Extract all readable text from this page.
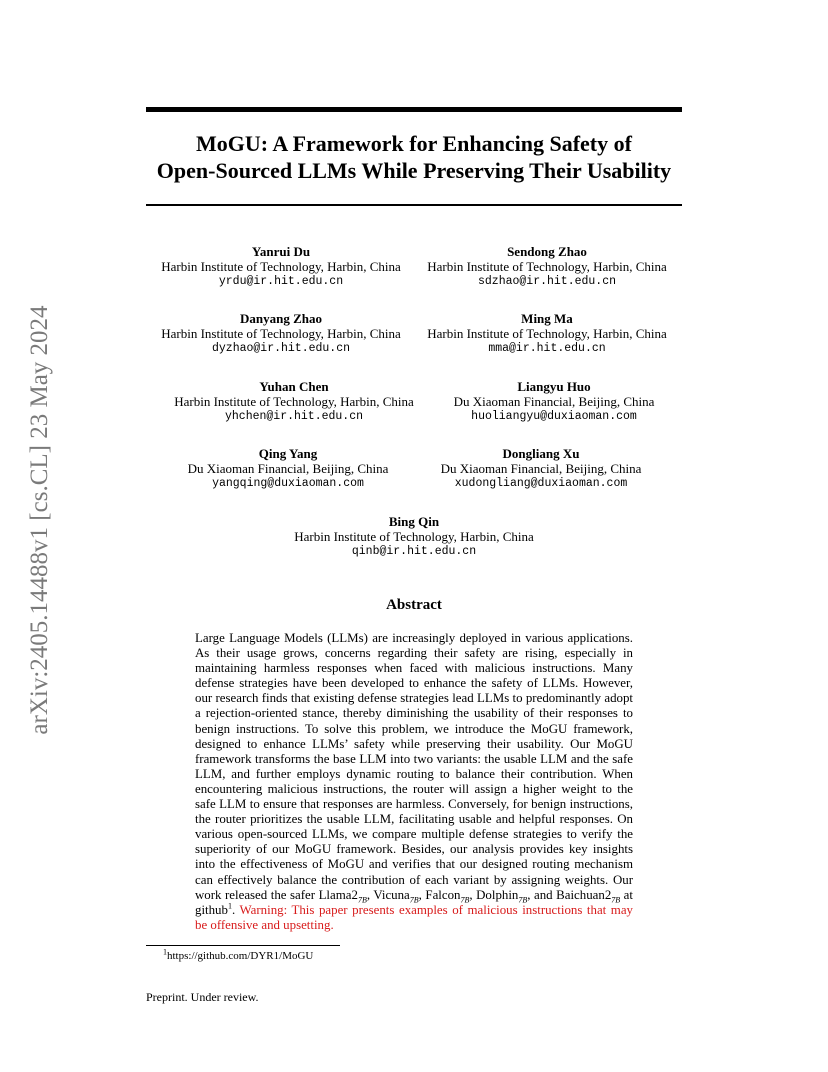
arXiv:2405.14488v1 [cs.CL] 23 May 2024
MoGU: A Framework for Enhancing Safety of
Open-Sourced LLMs While Preserving Their Usability
Yanrui Du
Harbin Institute of Technology, Harbin, China
yrdu@ir.hit.edu.cn
Sendong Zhao
Harbin Institute of Technology, Harbin, China
sdzhao@ir.hit.edu.cn
Danyang Zhao
Harbin Institute of Technology, Harbin, China
dyzhao@ir.hit.edu.cn
Ming Ma
Harbin Institute of Technology, Harbin, China
mma@ir.hit.edu.cn
Yuhan Chen
Harbin Institute of Technology, Harbin, China
yhchen@ir.hit.edu.cn
Liangyu Huo
Du Xiaoman Financial, Beijing, China
huoliangyu@duxiaoman.com
Qing Yang
Du Xiaoman Financial, Beijing, China
yangqing@duxiaoman.com
Dongliang Xu
Du Xiaoman Financial, Beijing, China
xudongliang@duxiaoman.com
Bing Qin
Harbin Institute of Technology, Harbin, China
qinb@ir.hit.edu.cn
Abstract
Large Language Models (LLMs) are increasingly deployed in various applications. As their usage grows, concerns regarding their safety are rising, especially in maintaining harmless responses when faced with malicious instructions. Many defense strategies have been developed to enhance the safety of LLMs. However, our research finds that existing defense strategies lead LLMs to predominantly adopt a rejection-oriented stance, thereby diminishing the usability of their responses to benign instructions. To solve this problem, we introduce the MoGU framework, designed to enhance LLMs’ safety while preserving their usability. Our MoGU framework transforms the base LLM into two variants: the usable LLM and the safe LLM, and further employs dynamic routing to balance their contribution. When encountering malicious instructions, the router will assign a higher weight to the safe LLM to ensure that responses are harmless. Conversely, for benign instructions, the router prioritizes the usable LLM, facilitating usable and helpful responses. On various open-sourced LLMs, we compare multiple defense strategies to verify the superiority of our MoGU framework. Besides, our analysis provides key insights into the effectiveness of MoGU and verifies that our designed routing mechanism can effectively balance the contribution of each variant by assigning weights. Our work released the safer $Llama2_{7B}$, Vicuna$_{7B}$, Falcon$_{7B}$, Dolphin$_{7B}$, and $Baichuan2_{7B}$ at github$^1$. Warning: This paper presents examples of malicious instructions that may be offensive and upsetting.
$^1$https://github.com/DYR1/MoGU
Preprint. Under review.
